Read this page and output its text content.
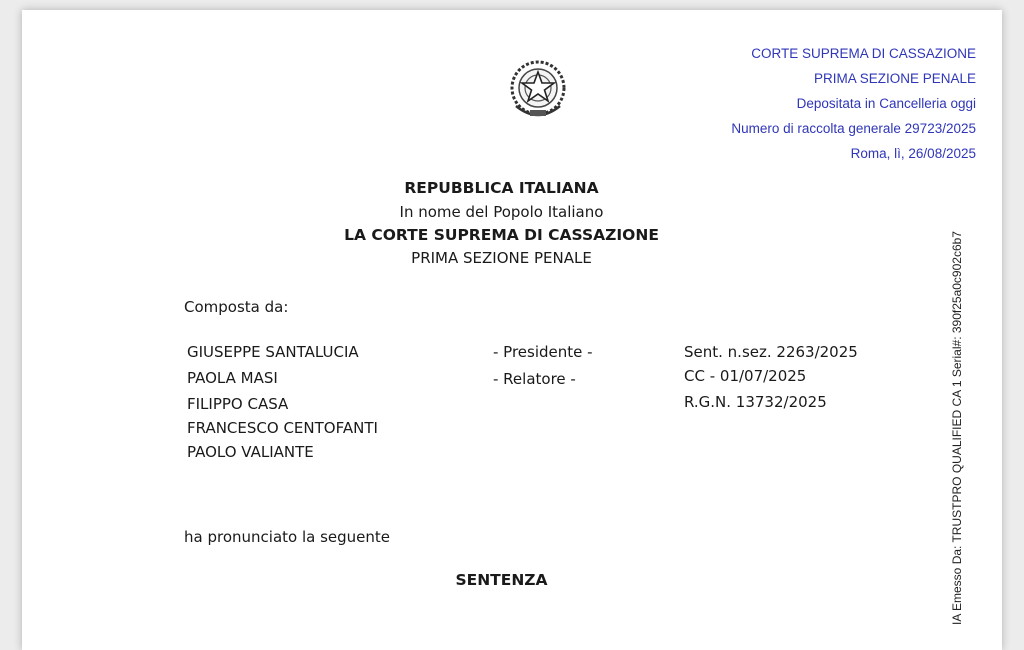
CORTE SUPREMA DI CASSAZIONE
PRIMA SEZIONE PENALE
Depositata in Cancelleria oggi
Numero di raccolta generale 29723/2025
Roma, lì, 26/08/2025
REPUBBLICA ITALIANA
In nome del Popolo Italiano
LA CORTE SUPREMA DI CASSAZIONE
PRIMA SEZIONE PENALE
Composta da:
GIUSEPPE SANTALUCIA
PAOLA MASI
FILIPPO CASA
FRANCESCO CENTOFANTI
PAOLO VALIANTE
- Presidente -
- Relatore -
Sent. n.sez. 2263/2025
CC - 01/07/2025
R.G.N. 13732/2025
ha pronunciato la seguente
SENTENZA	IA Emesso Da: TRUSTPRO QUALIFIED CA 1 Serial#: 390f25a0c902c6b7
